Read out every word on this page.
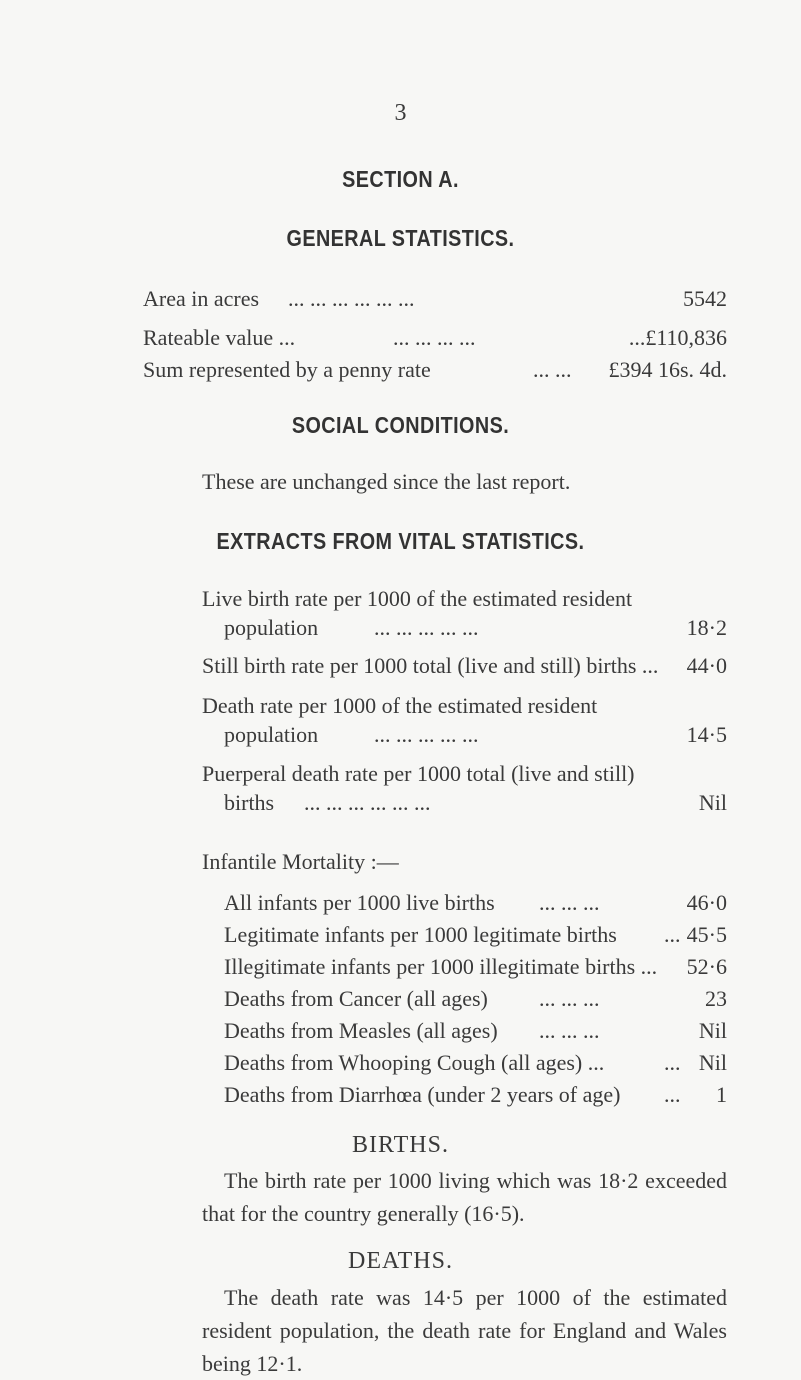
3
SECTION A.
GENERAL STATISTICS.
Area in acres ... ... ... ... ... ...	5542
Rateable value ...	... ... ... ...	...£110,836
Sum represented by a penny rate	... ... £394 16s. 4d.
SOCIAL CONDITIONS.
These are unchanged since the last report.
EXTRACTS FROM VITAL STATISTICS.
Live birth rate per 1000 of the estimated resident
population	... ... ... ... ...	18·2
Still birth rate per 1000 total (live and still) births ... 44·0
Death rate per 1000 of the estimated resident
population	... ... ... ... ...	14·5
Puerperal death rate per 1000 total (live and still)
births ... ... ... ... ... ...	Nil
Infantile Mortality :—
All infants per 1000 live births ... ... ...	46·0
Legitimate infants per 1000 legitimate births ... 45·5
Illegitimate infants per 1000 illegitimate births ... 52·6
Deaths from Cancer (all ages) ... ... ...	23
Deaths from Measles (all ages) ... ... ...	Nil
Deaths from Whooping Cough (all ages) ...	... Nil
Deaths from Diarrhœa (under 2 years of age) ... 1
BIRTHS.
The birth rate per 1000 living which was 18·2 exceeded that for the country generally (16·5).
DEATHS.
The death rate was 14·5 per 1000 of the estimated resident population, the death rate for England and Wales being 12·1.
